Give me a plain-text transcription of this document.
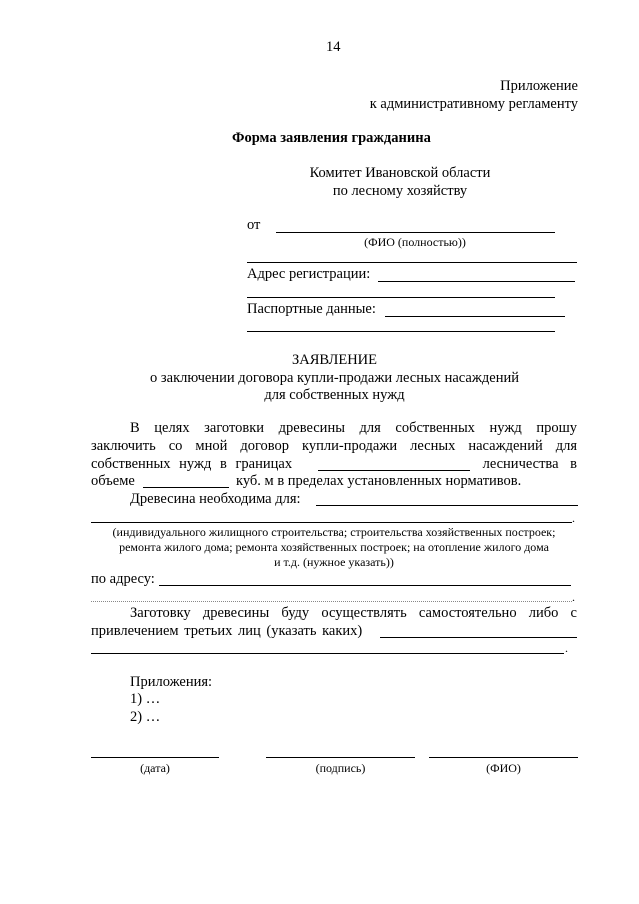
14
Приложение
к административному регламенту
Форма заявления гражданина
Комитет Ивановской области
по лесному хозяйству
от
(ФИО (полностью))
Адрес регистрации:
Паспортные данные:
ЗАЯВЛЕНИЕ
о заключении договора купли-продажи лесных насаждений
для собственных нужд
В целях заготовки древесины для собственных нужд прошу
заключить со мной договор купли-продажи лесных насаждений для
собственных нужд в границах	лесничества в
объеме	куб. м в пределах установленных нормативов.
Древесина необходима для:
.
(индивидуального жилищного строительства; строительства хозяйственных построек;
ремонта жилого дома; ремонта хозяйственных построек; на отопление жилого дома
и т.д. (нужное указать))
по адресу:
.
Заготовку древесины буду осуществлять самостоятельно либо с
привлечением третьих лиц (указать каких)
.
Приложения:
1) …
2) …
(дата)	(подпись)	(ФИО)
